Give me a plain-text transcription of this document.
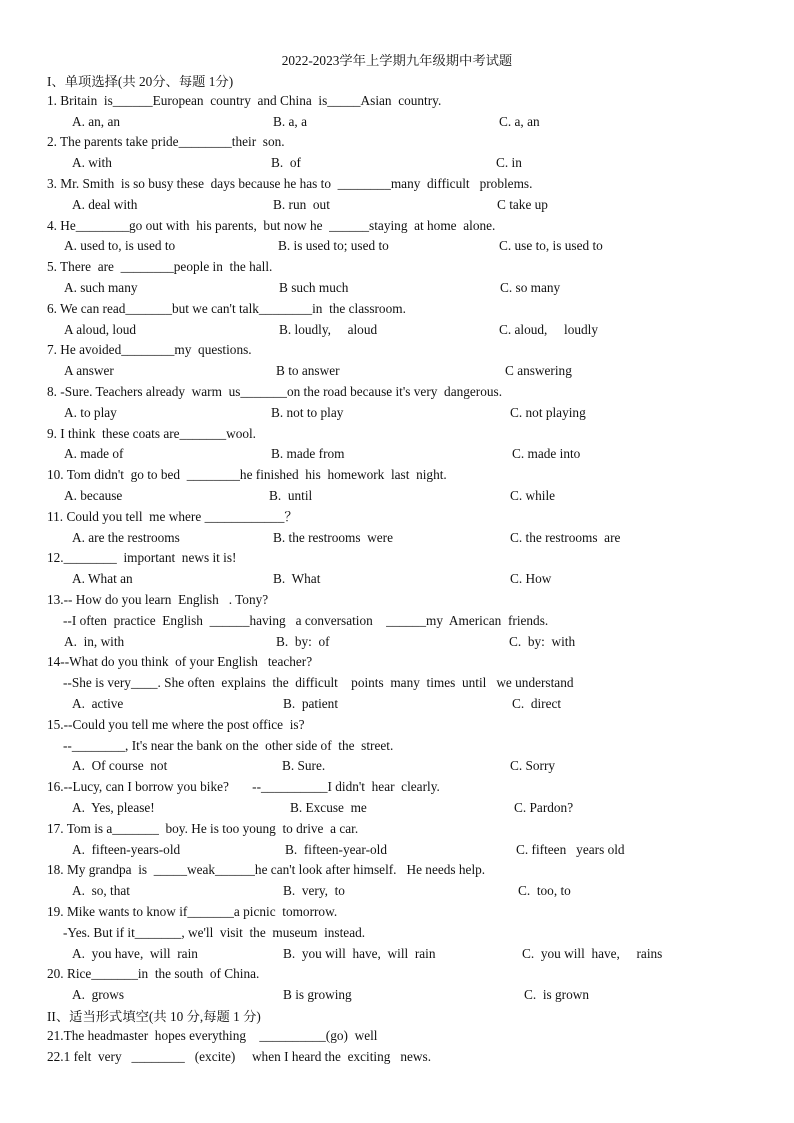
2022-2023学年上学期九年级期中考试题
I、单项选择(共 20分、每题 1分)
1. Britain  is______European  country  and China  is_____Asian  country.
A. an, an	B. a, a	C. a, an
2. The parents take pride________their  son.
A. with	B.  of	C. in
3. Mr. Smith  is so busy these  days because he has to  ________many  difficult   problems.
A. deal with	B. run  out	C take up
4. He________go out with  his parents,  but now he  ______staying  at home  alone.
A. used to, is used to	B. is used to; used to	C. use to, is used to
5. There  are  ________people in  the hall.
A. such many	B such much	C. so many
6. We can read_______but we can't talk________in  the classroom.
A aloud, loud	B. loudly,     aloud	C. aloud,     loudly
7. He avoided________my  questions.
A answer	B to answer	C answering
8. -Sure. Teachers already  warm  us_______on the road because it's very  dangerous.
A. to play	B. not to play	C. not playing
9. I think  these coats are_______wool.
A. made of	B. made from	C. made into
10. Tom didn't  go to bed  ________he finished  his  homework  last  night.
A. because	B.  until	C. while
11. Could you tell  me where ____________？
A. are the restrooms	B. the restrooms  were	C. the restrooms  are
12.________  important  news it is!
A. What an	B.  What	C. How
13.-- How do you learn  English   . Tony?
--I often  practice  English  ______having   a conversation    ______my  American  friends.
A.  in, with	B.  by:  of	C.  by:  with
14--What do you think  of your English   teacher?
--She is very____. She often  explains  the  difficult    points  many  times  until   we understand
A.  active	B.  patient	C.  direct
15.--Could you tell me where the post office  is?
--________, It's near the bank on the  other side of  the  street.
A.  Of course  not	B. Sure.	C. Sorry
16.--Lucy, can I borrow you bike?       --__________I didn't  hear  clearly.
A.  Yes, please!	B. Excuse  me	C. Pardon?
17. Tom is a_______  boy. He is too young  to drive  a car.
A.  fifteen-years-old	B.  fifteen-year-old	C. fifteen   years old
18. My grandpa  is  _____weak______he can't look after himself.   He needs help.
A.  so, that	B.  very,  to	C.  too, to
19. Mike wants to know if_______a picnic  tomorrow.
-Yes. But if it_______, we'll  visit  the  museum  instead.
A.  you have,  will  rain	B.  you will  have,  will  rain	C.  you will  have,     rains
20. Rice_______in  the south  of China.
A.  grows	B is growing	C.  is grown
II、适当形式填空(共 10 分,每题 1 分)
21.The headmaster  hopes everything    __________(go)  well
22.1 felt  very   ________   (excite)     when I heard the  exciting   news.
